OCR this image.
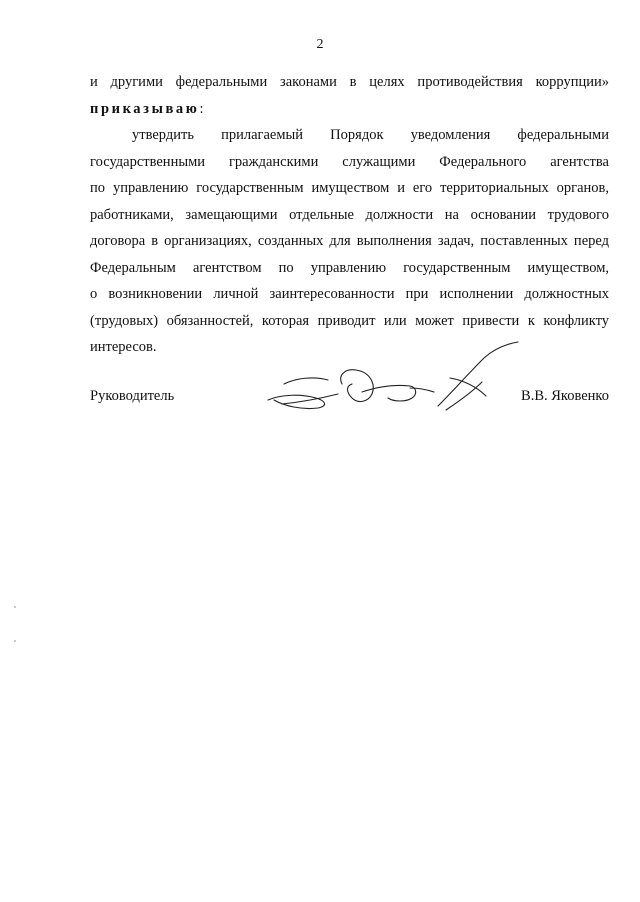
2
и другими федеральными законами в целях противодействия коррупции»
приказываю:
утвердить прилагаемый Порядок уведомления федеральными
государственными гражданскими служащими Федерального агентства
по управлению государственным имуществом и его территориальных органов,
работниками, замещающими отдельные должности на основании трудового
договора в организациях, созданных для выполнения задач, поставленных перед
Федеральным агентством по управлению государственным имуществом,
о возникновении личной заинтересованности при исполнении должностных
(трудовых) обязанностей, которая приводит или может привести к конфликту
интересов.
Руководитель	В.В. Яковенко
